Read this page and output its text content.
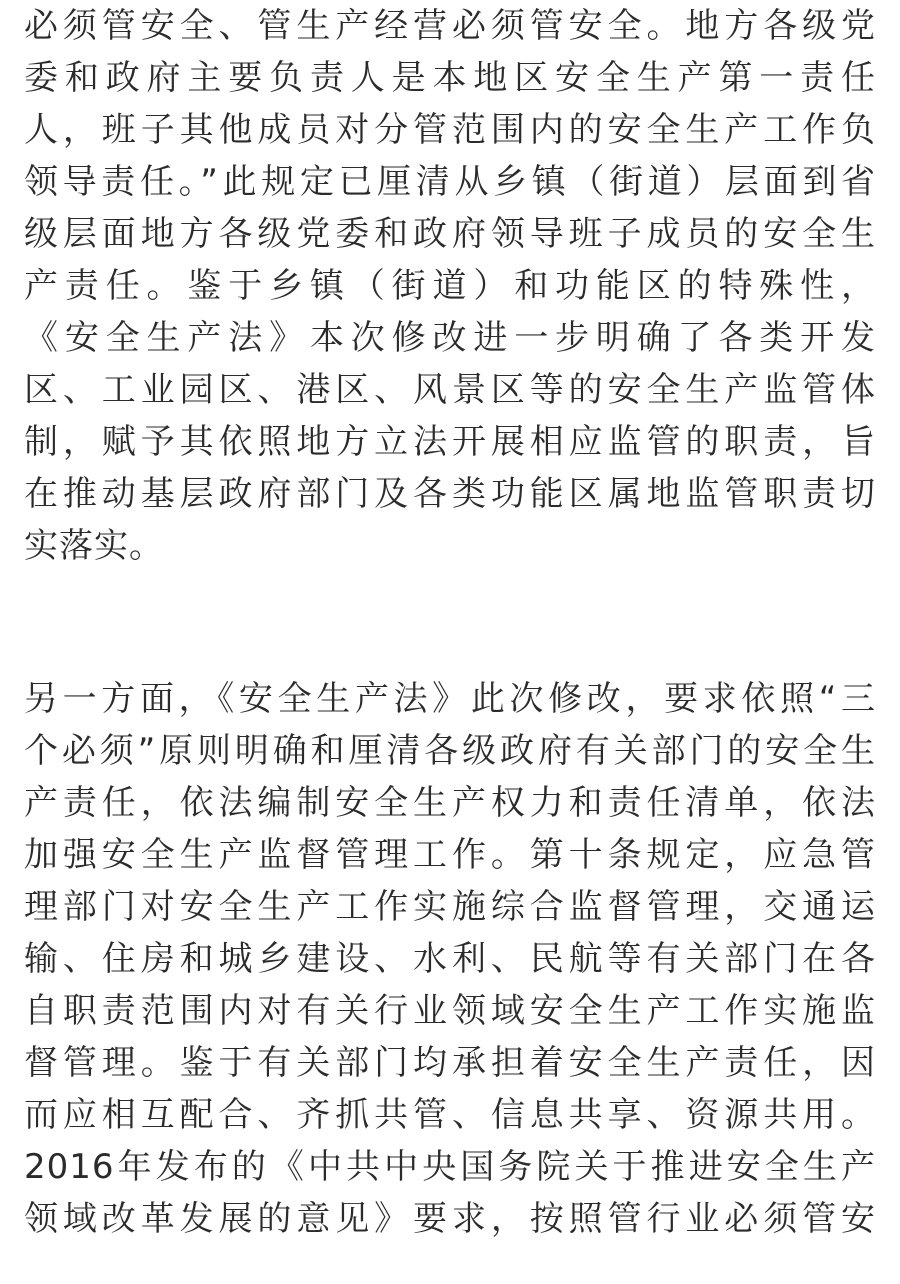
必须管安全、管生产经营必须管安全。地方各级党
委和政府主要负责人是本地区安全生产第一责任
人，班子其他成员对分管范围内的安全生产工作负
领导责任。”此规定已厘清从乡镇（街道）层面到省
级层面地方各级党委和政府领导班子成员的安全生
产责任。鉴于乡镇（街道）和功能区的特殊性，
《安全生产法》本次修改进一步明确了各类开发
区、工业园区、港区、风景区等的安全生产监管体
制，赋予其依照地方立法开展相应监管的职责，旨
在推动基层政府部门及各类功能区属地监管职责切
实落实。
另一方面，《安全生产法》此次修改，要求依照“三
个必须”原则明确和厘清各级政府有关部门的安全生
产责任，依法编制安全生产权力和责任清单，依法
加强安全生产监督管理工作。第十条规定，应急管
理部门对安全生产工作实施综合监督管理，交通运
输、住房和城乡建设、水利、民航等有关部门在各
自职责范围内对有关行业领域安全生产工作实施监
督管理。鉴于有关部门均承担着安全生产责任，因
而应相互配合、齐抓共管、信息共享、资源共用。
2016年发布的《中共中央国务院关于推进安全生产
领域改革发展的意见》要求，按照管行业必须管安
